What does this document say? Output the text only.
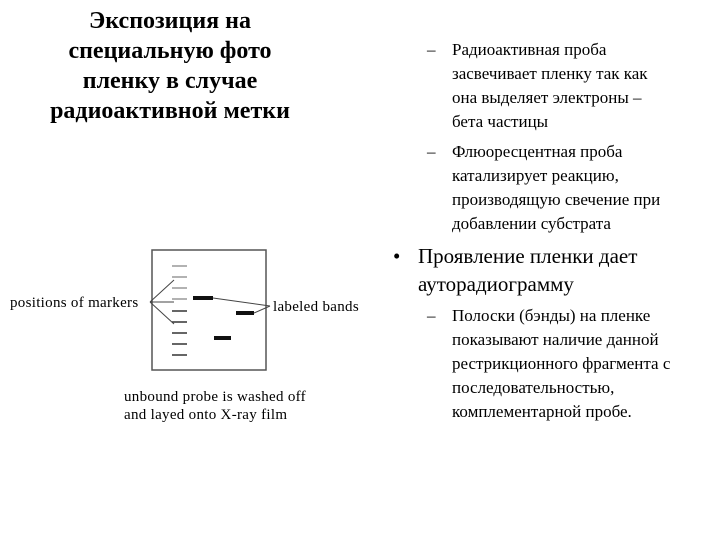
Экспозиция на
специальную фото
пленку в случае
радиоактивной метки
– Радиоактивная проба
засвечивает пленку так как
она выделяет электроны –
бета частицы
– Флюоресцентная проба
катализирует реакцию,
производящую свечение при
добавлении субстрата
• Проявление пленки дает
ауторадиограмму
– Полоски (бэнды) на пленке
показывают наличие данной
рестрикционного фрагмента с
последовательностью,
комплементарной пробе.
positions of markers	labeled bands
unbound probe is washed off
and layed onto X-ray film
